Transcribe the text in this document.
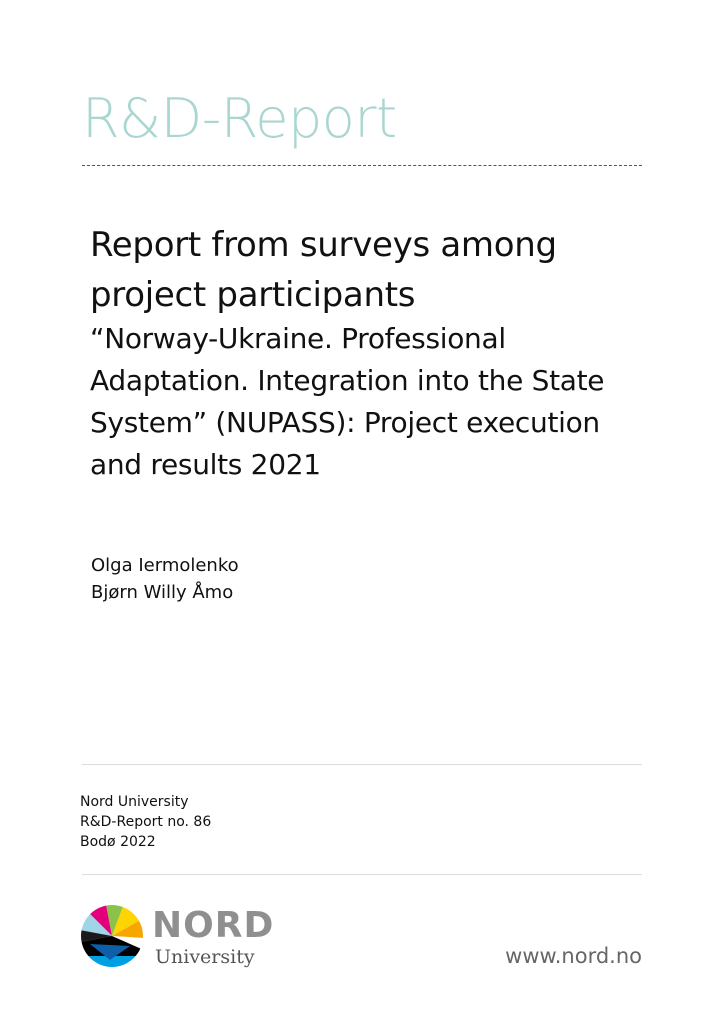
R&D-Report
Report from surveys among project participants
“Norway-Ukraine. Professional Adaptation. Integration into the State System” (NUPASS): Project execution and results 2021
Olga Iermolenko
Bjørn Willy Åmo
Nord University
R&D-Report no. 86
Bodø 2022
NORD
University	www.nord.no
